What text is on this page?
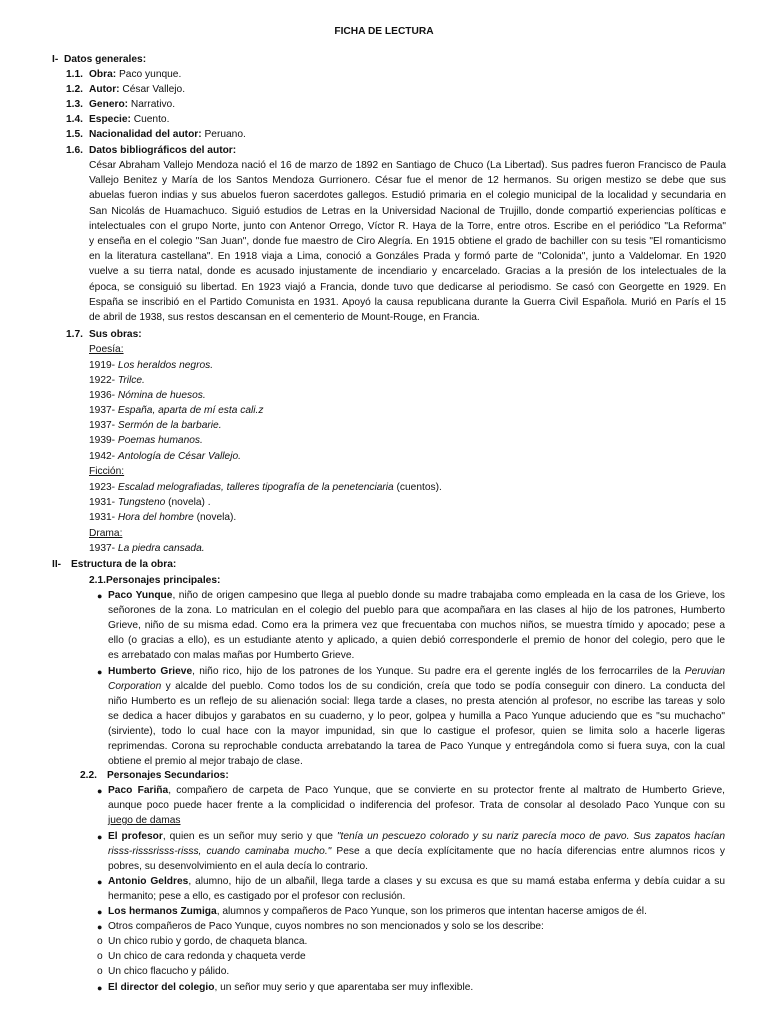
FICHA DE LECTURA
I- Datos generales:
1.1. Obra: Paco yunque.
1.2. Autor: César Vallejo.
1.3. Genero: Narrativo.
1.4. Especie: Cuento.
1.5. Nacionalidad del autor: Peruano.
1.6. Datos bibliográficos del autor:
César Abraham Vallejo Mendoza nació el 16 de marzo de 1892 en Santiago de Chuco (La Libertad). Sus padres fueron Francisco de Paula
Vallejo Benitez y María de los Santos Mendoza Gurrionero. César fue el menor de 12 hermanos. Su origen mestizo se debe que sus
abuelas fueron indias y sus abuelos fueron sacerdotes gallegos. Estudió primaria en el colegio municipal de la localidad y secundaria en
San Nicolás de Huamachuco. Siguió estudios de Letras en la Universidad Nacional de Trujillo, donde compartió experiencias políticas e
intelectuales con el grupo Norte, junto con Antenor Orrego, Víctor R. Haya de la Torre, entre otros. Escribe en el periódico "La Reforma"
y enseña en el colegio "San Juan", donde fue maestro de Ciro Alegría. En 1915 obtiene el grado de bachiller con su tesis "El romanticismo
en la literatura castellana". En 1918 viaja a Lima, conoció a Gonzáles Prada y formó parte de "Colonida", junto a Valdelomar. En 1920
vuelve a su tierra natal, donde es acusado injustamente de incendiario y encarcelado. Gracias a la presión de los intelectuales de la
época, se consiguió su libertad. En 1923 viajó a Francia, donde tuvo que dedicarse al periodismo. Se casó con Georgette en 1929. En
España se inscribió en el Partido Comunista en 1931. Apoyó la causa republicana durante la Guerra Civil Española. Murió en París el 15
de abril de 1938, sus restos descansan en el cementerio de Mount-Rouge, en Francia.
1.7. Sus obras:
Poesía:
1919- Los heraldos negros.
1922- Trilce.
1936- Nómina de huesos.
1937- España, aparta de mí esta cali.z
1937- Sermón de la barbarie.
1939- Poemas humanos.
1942- Antología de César Vallejo.
Ficción:
1923- Escalad melografiadas, talleres tipografía de la penetenciaria (cuentos).
1931- Tungsteno (novela) .
1931- Hora del hombre (novela).
Drama:
1937- La piedra cansada.
II- Estructura de la obra:
2.1.Personajes principales:
● Paco Yunque, niño de origen campesino que llega al pueblo donde su madre trabajaba como empleada en la casa de los Grieve, los
señorones de la zona. Lo matriculan en el colegio del pueblo para que acompañara en las clases al hijo de los patrones, Humberto
Grieve, niño de su misma edad. Como era la primera vez que frecuentaba con muchos niños, se muestra tímido y apocado; pese a
ello (o gracias a ello), es un estudiante atento y aplicado, a quien debió corresponderle el premio de honor del colegio, pero que le
es arrebatado con malas mañas por Humberto Grieve.
● Humberto Grieve, niño rico, hijo de los patrones de los Yunque. Su padre era el gerente inglés de los ferrocarriles de la Peruvian
Corporation y alcalde del pueblo. Como todos los de su condición, creía que todo se podía conseguir con dinero. La conducta del
niño Humberto es un reflejo de su alienación social: llega tarde a clases, no presta atención al profesor, no escribe las tareas y solo
se dedica a hacer dibujos y garabatos en su cuaderno, y lo peor, golpea y humilla a Paco Yunque aduciendo que es "su muchacho"
(sirviente), todo lo cual hace con la mayor impunidad, sin que lo castigue el profesor, quien se limita solo a hacerle ligeras
reprimendas. Corona su reprochable conducta arrebatando la tarea de Paco Yunque y entregándola como si fuera suya, con la cual
obtiene el premio al mejor trabajo de clase.
2.2. Personajes Secundarios:
● Paco Fariña, compañero de carpeta de Paco Yunque, que se convierte en su protector frente al maltrato de Humberto Grieve,
aunque poco puede hacer frente a la complicidad o indiferencia del profesor. Trata de consolar al desolado Paco Yunque con su
juego de damas
● El profesor, quien es un señor muy serio y que "tenía un pescuezo colorado y su nariz parecía moco de pavo. Sus zapatos hacían
risss-risssrisss-risss, cuando caminaba mucho." Pese a que decía explícitamente que no hacía diferencias entre alumnos ricos y
pobres, su desenvolvimiento en el aula decía lo contrario.
● Antonio Geldres, alumno, hijo de un albañil, llega tarde a clases y su excusa es que su mamá estaba enferma y debía cuidar a su
hermanito; pese a ello, es castigado por el profesor con reclusión.
● Los hermanos Zumiga, alumnos y compañeros de Paco Yunque, son los primeros que intentan hacerse amigos de él.
● Otros compañeros de Paco Yunque, cuyos nombres no son mencionados y solo se los describe:
o Un chico rubio y gordo, de chaqueta blanca.
o Un chico de cara redonda y chaqueta verde
o Un chico flacucho y pálido.
● El director del colegio, un señor muy serio y que aparentaba ser muy inflexible.
